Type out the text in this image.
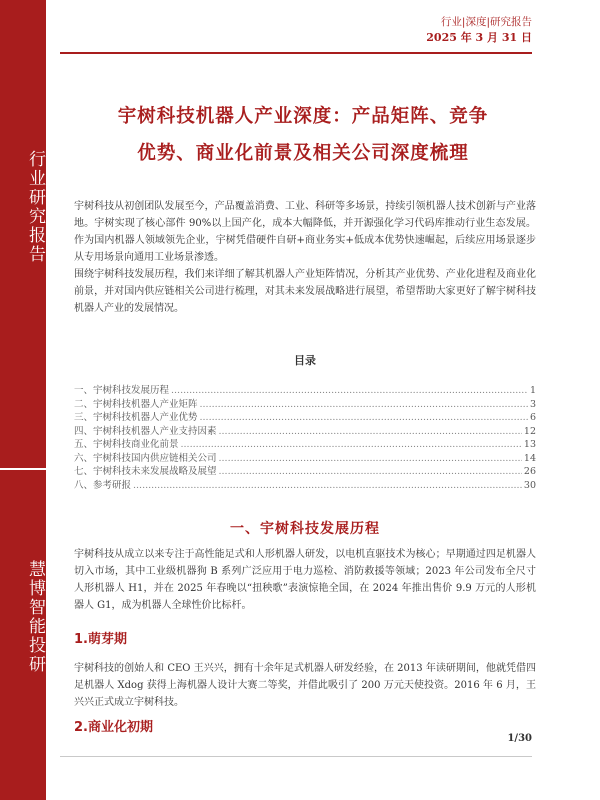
行业研究报告
慧博智能投研
行业|深度|研究报告
2025 年 3 月 31 日
宇树科技机器人产业深度：产品矩阵、竞争
优势、商业化前景及相关公司深度梳理
宇树科技从初创团队发展至今，产品覆盖消费、工业、科研等多场景，持续引领机器人技术创新与产业落地。宇树实现了核心部件 90%以上国产化，成本大幅降低，并开源强化学习代码库推动行业生态发展。作为国内机器人领域领先企业，宇树凭借硬件自研+商业务实+低成本优势快速崛起，后续应用场景逐步从专用场景向通用工业场景渗透。
围绕宇树科技发展历程，我们来详细了解其机器人产业矩阵情况，分析其产业优势、产业化进程及商业化前景，并对国内供应链相关公司进行梳理，对其未来发展战略进行展望，希望帮助大家更好了解宇树科技机器人产业的发展情况。
目录
一、宇树科技发展历程 .....	1
二、宇树科技机器人产业矩阵 .....	3
三、宇树科技机器人产业优势 .....	6
四、宇树科技机器人产业支持因素 .....	12
五、宇树科技商业化前景 .....	13
六、宇树科技国内供应链相关公司 .....	14
七、宇树科技未来发展战略及展望 .....	26
八、参考研报 .....	30
一、宇树科技发展历程
宇树科技从成立以来专注于高性能足式和人形机器人研发，以电机直驱技术为核心；早期通过四足机器人切入市场，其中工业级机器狗 B 系列广泛应用于电力巡检、消防救援等领域；2023 年公司发布全尺寸人形机器人 H1，并在 2025 年春晚以“扭秧歌”表演惊艳全国，在 2024 年推出售价 9.9 万元的人形机器人 G1，成为机器人全球性价比标杆。
1.萌芽期
宇树科技的创始人和 CEO 王兴兴，拥有十余年足式机器人研发经验，在 2013 年读研期间，他就凭借四足机器人 Xdog 获得上海机器人设计大赛二等奖，并借此吸引了 200 万元天使投资。2016 年 6 月，王兴兴正式成立宇树科技。
2.商业化初期
1/30
